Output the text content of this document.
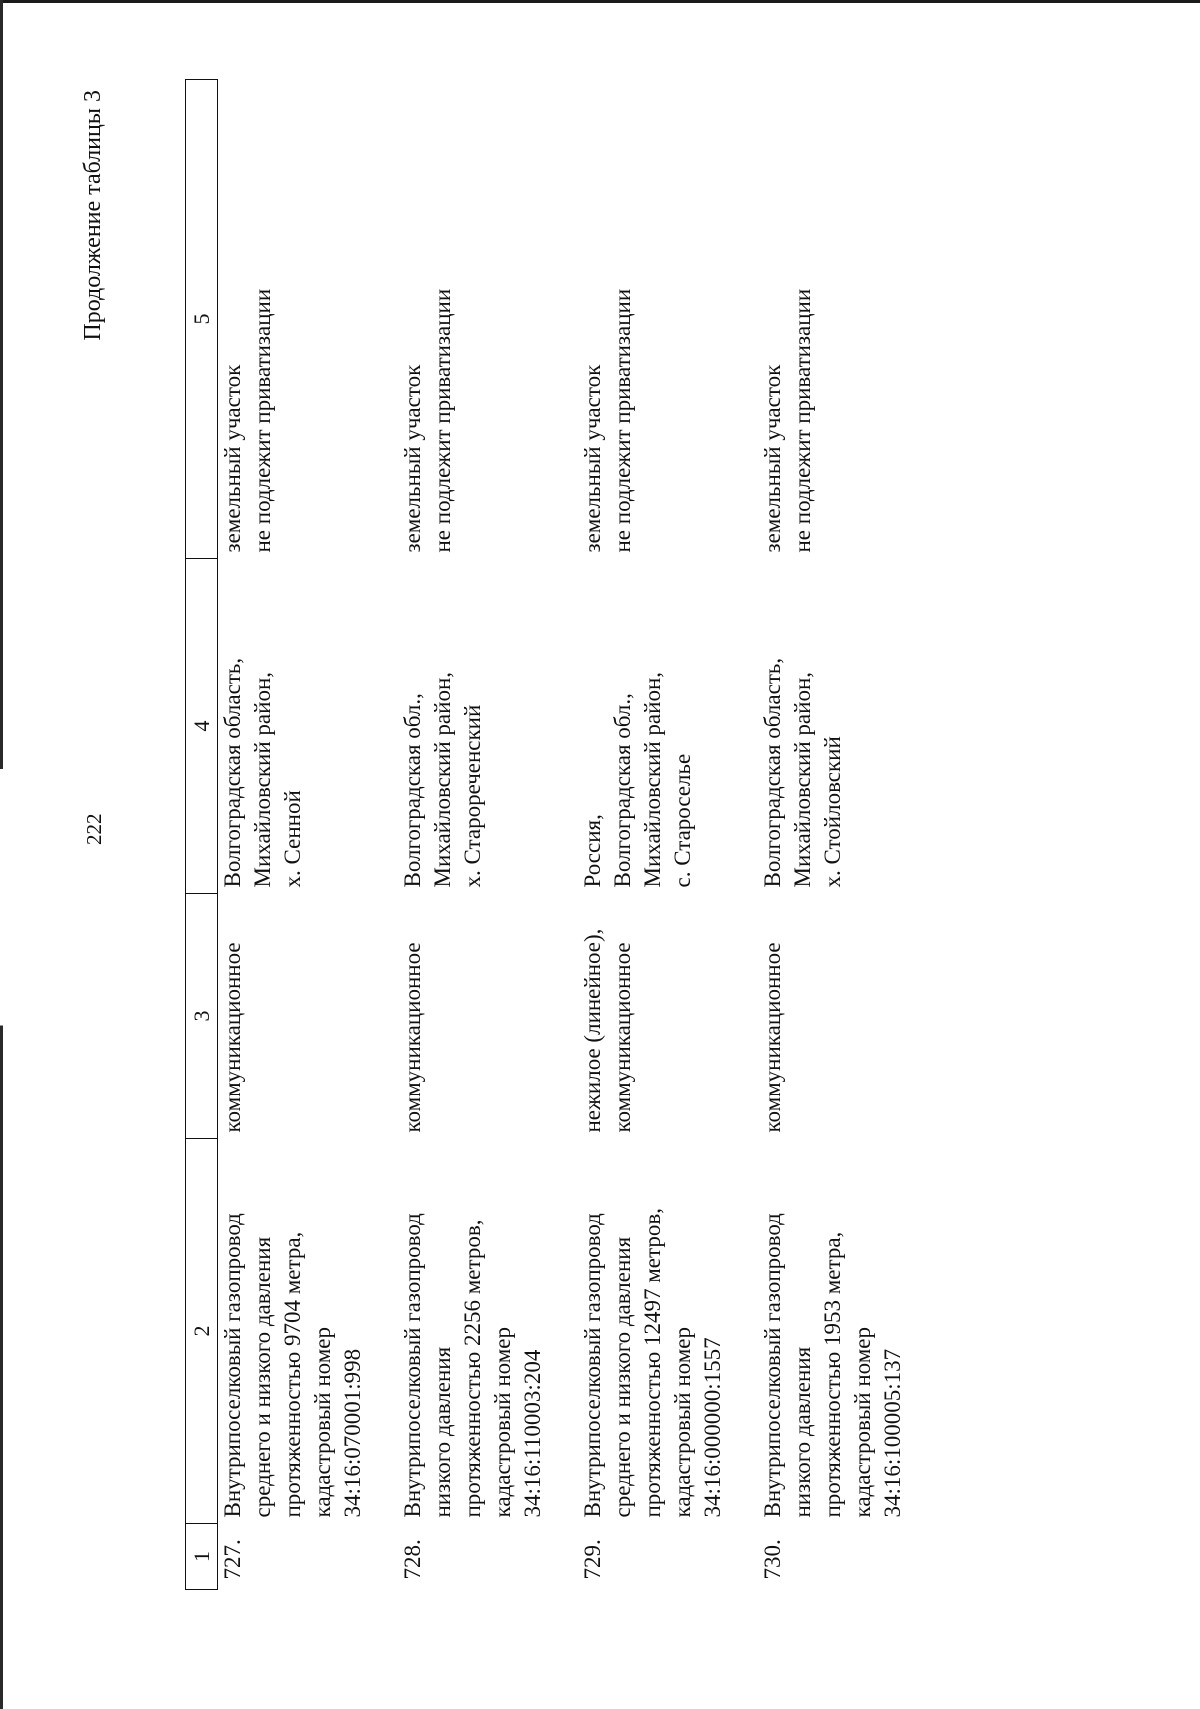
222
Продолжение таблицы 3
1	2	3	4	5
727.	Внутрипоселковый газопровод среднего и низкого давления протяженностью 9704 метра, кадастровый номер 34:16:070001:998	коммуникационное	Волгоградская область, Михайловский район, х. Сенной	земельный участок не подлежит приватизации

728.	Внутрипоселковый газопровод низкого давления протяженностью 2256 метров, кадастровый номер 34:16:110003:204	коммуникационное	Волгоградская обл., Михайловский район, х. Старореченский	земельный участок не подлежит приватизации

729.	Внутрипоселковый газопровод среднего и низкого давления протяженностью 12497 метров, кадастровый номер 34:16:000000:1557	нежилое (линейное), коммуникационное	Россия, Волгоградская обл., Михайловский район, с. Староселье	земельный участок не подлежит приватизации

730.	Внутрипоселковый газопровод низкого давления протяженностью 1953 метра, кадастровый номер 34:16:100005:137	коммуникационное	Волгоградская область, Михайловский район, х. Стойловский	земельный участок не подлежит приватизации
